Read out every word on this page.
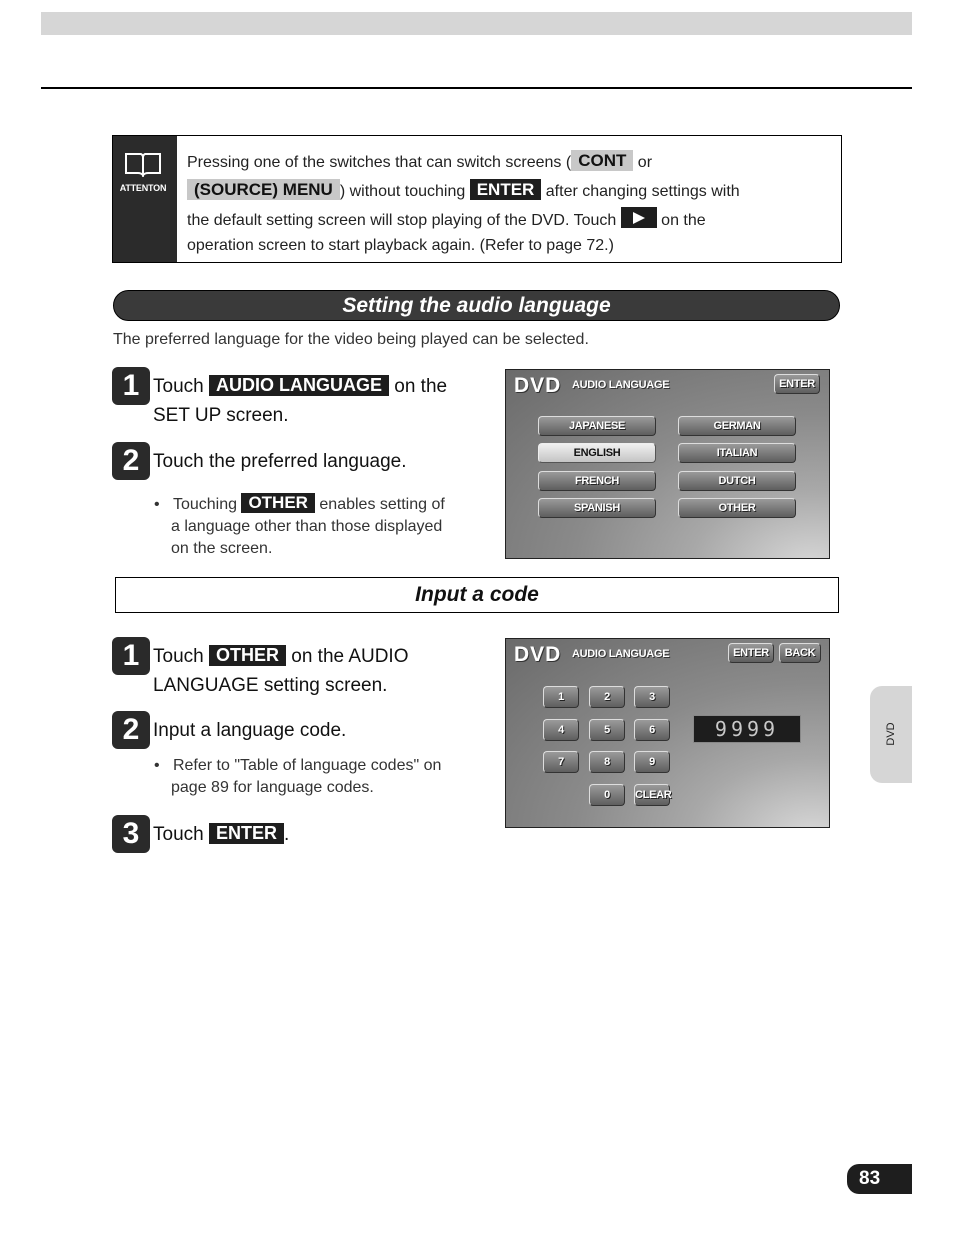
ATTENTON
Pressing one of the switches that can switch screens ( CONT or
(SOURCE) MENU ) without touching ENTER after changing settings with
the default setting screen will stop playing of the DVD. Touch  on the
operation screen to start playback again. (Refer to page 72.)
Setting the audio language
The preferred language for the video being played can be selected.
1 Touch AUDIO LANGUAGE on the
SET UP screen.
2 Touch the preferred language.
• Touching OTHER enables setting of
a language other than those displayed
on the screen.
DVD AUDIO LANGUAGE	ENTER
JAPANESE	GERMAN
ENGLISH	ITALIAN
FRENCH	DUTCH
SPANISH	OTHER
Input a code
1 Touch OTHER on the AUDIO
LANGUAGE setting screen.
2 Input a language code.
• Refer to "Table of language codes" on
page 89 for language codes.
3 Touch ENTER .
DVD AUDIO LANGUAGE	ENTER	BACK
1	2	3
4	5	6
7	8	9
0	CLEAR
9999	DVD
83
